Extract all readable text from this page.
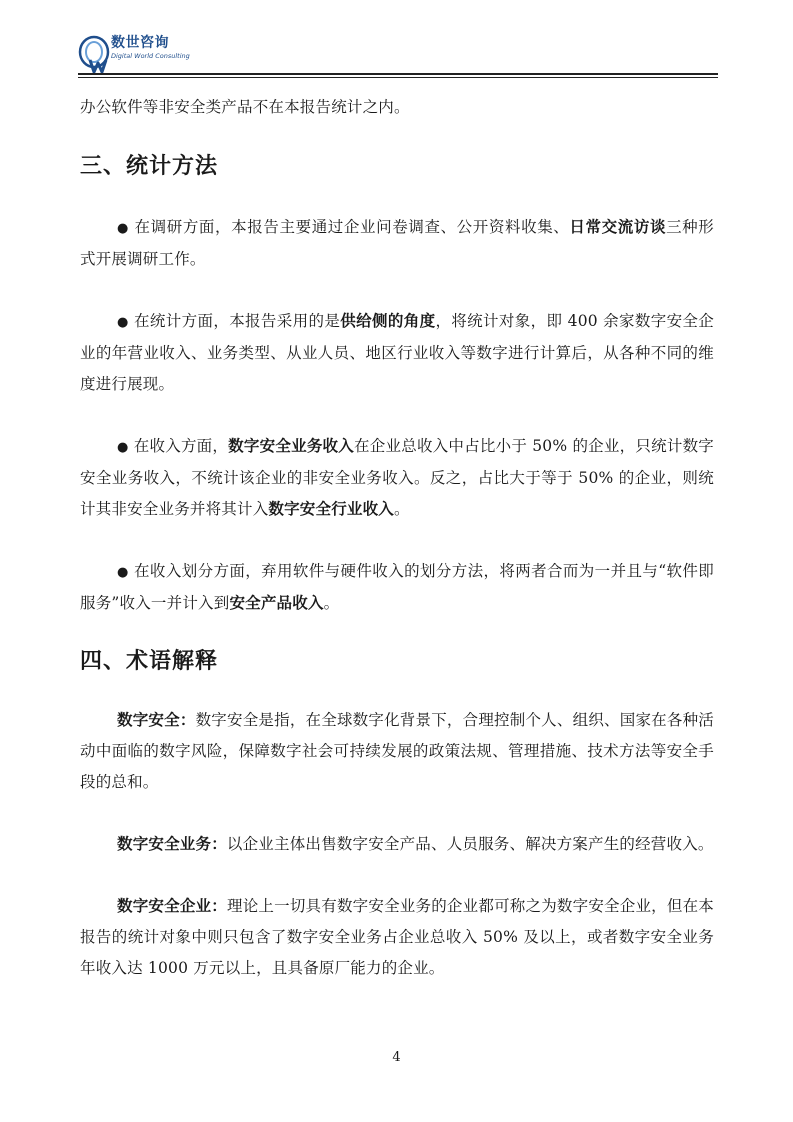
数世咨询
Digital World Consulting

办公软件等非安全类产品不在本报告统计之内。

三、统计方法

● 在调研方面，本报告主要通过企业问卷调查、公开资料收集、日常交流访谈三种形式开展调研工作。

● 在统计方面，本报告采用的是供给侧的角度，将统计对象，即 400 余家数字安全企业的年营业收入、业务类型、从业人员、地区行业收入等数字进行计算后，从各种不同的维度进行展现。

● 在收入方面，数字安全业务收入在企业总收入中占比小于 50% 的企业，只统计数字安全业务收入，不统计该企业的非安全业务收入。反之，占比大于等于 50% 的企业，则统计其非安全业务并将其计入数字安全行业收入。

● 在收入划分方面，弃用软件与硬件收入的划分方法，将两者合而为一并且与“软件即服务”收入一并计入到安全产品收入。

四、术语解释

数字安全：数字安全是指，在全球数字化背景下，合理控制个人、组织、国家在各种活动中面临的数字风险，保障数字社会可持续发展的政策法规、管理措施、技术方法等安全手段的总和。

数字安全业务：以企业主体出售数字安全产品、人员服务、解决方案产生的经营收入。

数字安全企业：理论上一切具有数字安全业务的企业都可称之为数字安全企业，但在本报告的统计对象中则只包含了数字安全业务占企业总收入 50% 及以上，或者数字安全业务年收入达 1000 万元以上，且具备原厂能力的企业。

4
